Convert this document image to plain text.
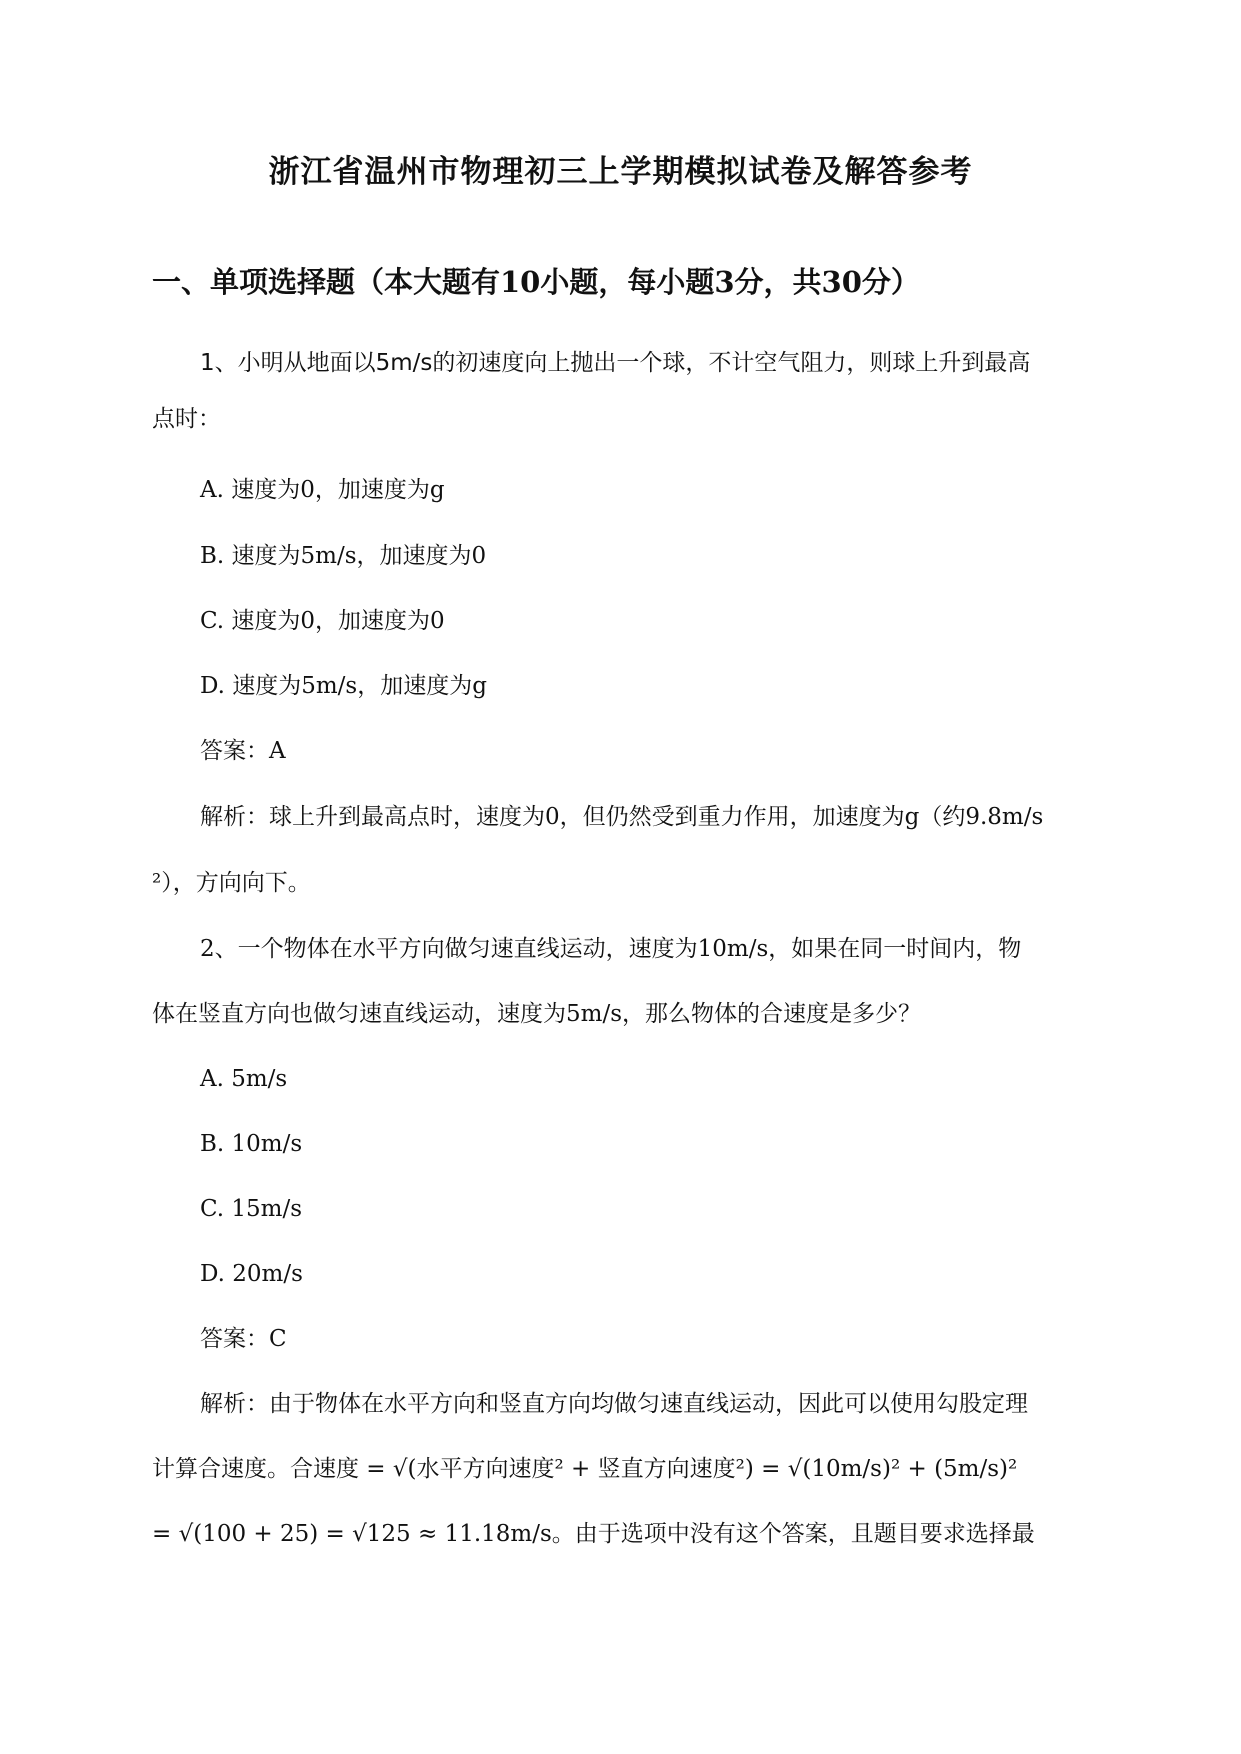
浙江省温州市物理初三上学期模拟试卷及解答参考
一、单项选择题（本大题有10小题，每小题3分，共30分）
1、小明从地面以5m/s的初速度向上抛出一个球，不计空气阻力，则球上升到最高
点时：
A. 速度为0，加速度为g
B. 速度为5m/s，加速度为0
C. 速度为0，加速度为0
D. 速度为5m/s，加速度为g
答案：A
解析：球上升到最高点时，速度为0，但仍然受到重力作用，加速度为g（约9.8m/s
²），方向向下。
2、一个物体在水平方向做匀速直线运动，速度为10m/s，如果在同一时间内，物
体在竖直方向也做匀速直线运动，速度为5m/s，那么物体的合速度是多少？
A. 5m/s
B. 10m/s
C. 15m/s
D. 20m/s
答案：C
解析：由于物体在水平方向和竖直方向均做匀速直线运动，因此可以使用勾股定理
计算合速度。合速度 = √(水平方向速度² + 竖直方向速度²) = √(10m/s)² + (5m/s)²
= √(100 + 25) = √125 ≈ 11.18m/s。由于选项中没有这个答案，且题目要求选择最
